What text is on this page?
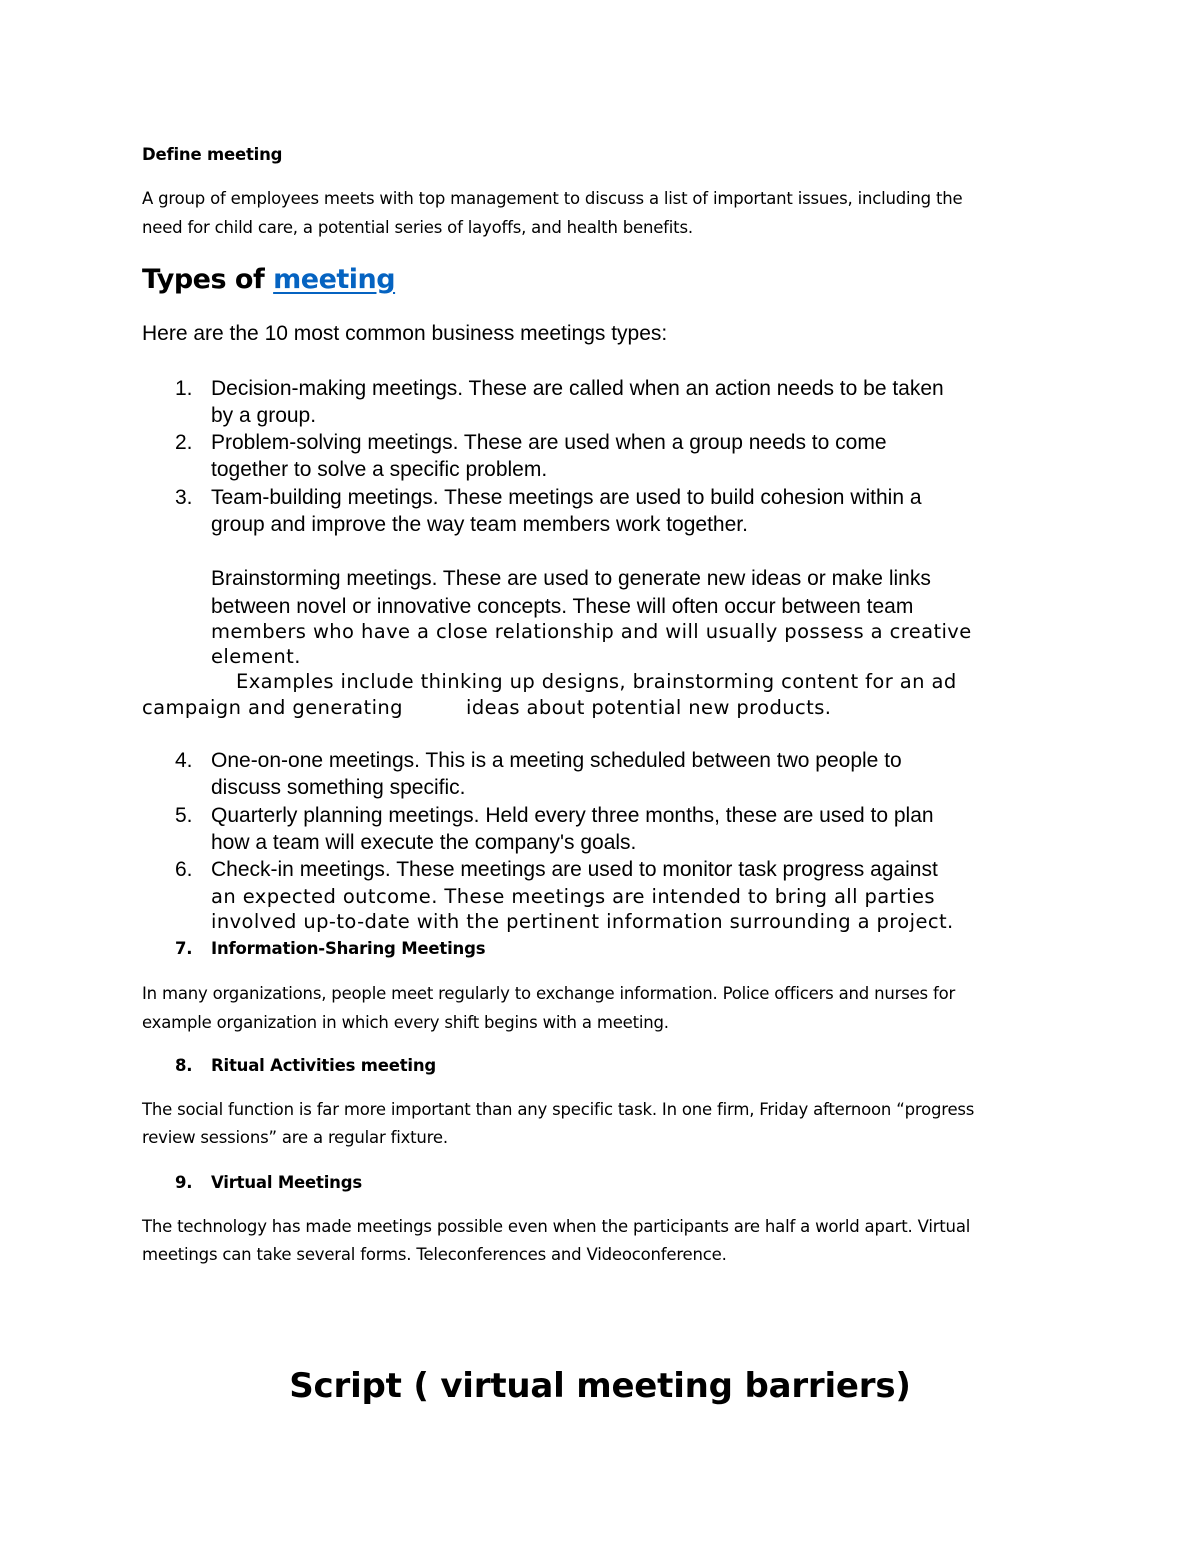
Define meeting
A group of employees meets with top management to discuss a list of important issues, including the
need for child care, a potential series of layoffs, and health benefits.
Types of meeting
Here are the 10 most common business meetings types:
1. Decision-making meetings. These are called when an action needs to be taken
by a group.
2. Problem-solving meetings. These are used when a group needs to come
together to solve a specific problem.
3. Team-building meetings. These meetings are used to build cohesion within a
group and improve the way team members work together.
Brainstorming meetings. These are used to generate new ideas or make links
between novel or innovative concepts. These will often occur between team
members who have a close relationship and will usually possess a creative
element.
Examples include thinking up designs, brainstorming content for an ad
campaign and generating	ideas about potential new products.
4. One-on-one meetings. This is a meeting scheduled between two people to
discuss something specific.
5. Quarterly planning meetings. Held every three months, these are used to plan
how a team will execute the company's goals.
6. Check-in meetings. These meetings are used to monitor task progress against
an expected outcome. These meetings are intended to bring all parties
involved up-to-date with the pertinent information surrounding a project.
7. Information-Sharing Meetings
In many organizations, people meet regularly to exchange information. Police officers and nurses for
example organization in which every shift begins with a meeting.
8. Ritual Activities meeting
The social function is far more important than any specific task. In one firm, Friday afternoon “progress
review sessions” are a regular fixture.
9. Virtual Meetings
The technology has made meetings possible even when the participants are half a world apart. Virtual
meetings can take several forms. Teleconferences and Videoconference.
Script ( virtual meeting barriers)
